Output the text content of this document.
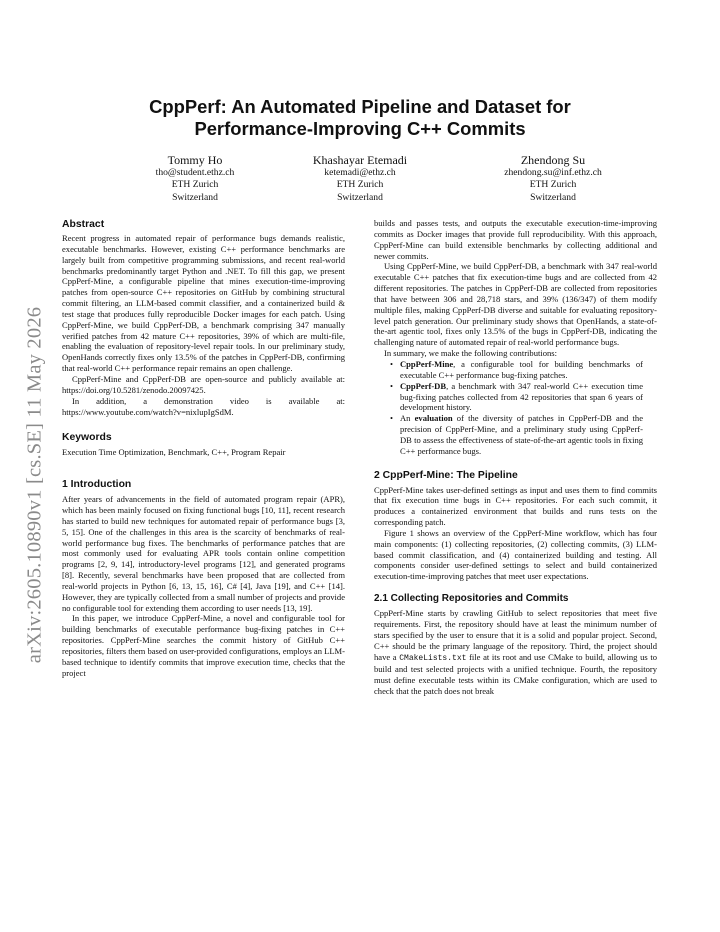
arXiv:2605.10890v1 [cs.SE] 11 May 2026
CppPerf: An Automated Pipeline and Dataset for
Performance-Improving C++ Commits
Tommy Ho
tho@student.ethz.ch
ETH Zurich
Switzerland
Khashayar Etemadi
ketemadi@ethz.ch
ETH Zurich
Switzerland
Zhendong Su
zhendong.su@inf.ethz.ch
ETH Zurich
Switzerland
Abstract

Recent progress in automated repair of performance bugs demands realistic, executable benchmarks. However, existing C++ performance benchmarks are largely built from competitive programming submissions, and recent real-world benchmarks predominantly target Python and .NET. To fill this gap, we present CppPerf-Mine, a configurable pipeline that mines execution-time-improving patches from open-source C++ repositories on GitHub by combining structural commit filtering, an LLM-based commit classifier, and a containerized build & test stage that produces fully reproducible Docker images for each patch. Using CppPerf-Mine, we build CppPerf-DB, a benchmark comprising 347 manually verified patches from 42 mature C++ repositories, 39% of which are multi-file, enabling the evaluation of repository-level repair tools. In our preliminary study, OpenHands correctly fixes only 13.5% of the patches in CppPerf-DB, confirming that real-world C++ performance repair remains an open challenge.

CppPerf-Mine and CppPerf-DB are open-source and publicly available at: https://doi.org/10.5281/zenodo.20097425.

In addition, a demonstration video is available at: https://www.youtube.com/watch?v=nixlupIgSdM.

Keywords

Execution Time Optimization, Benchmark, C++, Program Repair

1 Introduction

After years of advancements in the field of automated program repair (APR), which has been mainly focused on fixing functional bugs [10, 11], recent research has started to build new techniques for automated repair of performance bugs [3, 5, 15]. One of the challenges in this area is the scarcity of benchmarks of real-world performance bug fixes. The benchmarks of performance patches that are most commonly used for evaluating APR tools contain online competition programs [2, 9, 14], introductory-level programs [12], and generated programs [8]. Recently, several benchmarks have been proposed that are collected from real-world projects in Python [6, 13, 15, 16], C# [4], Java [19], and C++ [14]. However, they are typically collected from a small number of projects and provide no configurable tool for extending them according to user needs [13, 19].

In this paper, we introduce CppPerf-Mine, a novel and configurable tool for building benchmarks of executable performance bug-fixing patches in C++ repositories. CppPerf-Mine searches the commit history of GitHub C++ repositories, filters them based on user-provided configurations, employs an LLM-based technique to identify commits that improve execution time, checks that the project

builds and passes tests, and outputs the executable execution-time-improving commits as Docker images that provide full reproducibility. With this approach, CppPerf-Mine can build extensible benchmarks by collecting additional and newer commits.

Using CppPerf-Mine, we build CppPerf-DB, a benchmark with 347 real-world executable C++ patches that fix execution-time bugs and are collected from 42 different repositories. The patches in CppPerf-DB are collected from repositories that have between 306 and 28,718 stars, and 39% (136/347) of them modify multiple files, making CppPerf-DB diverse and suitable for evaluating repository-level patch generation. Our preliminary study shows that OpenHands, a state-of-the-art agentic tool, fixes only 13.5% of the bugs in CppPerf-DB, indicating the challenging nature of automated repair of real-world performance bugs.

In summary, we make the following contributions:

• CppPerf-Mine, a configurable tool for building benchmarks of executable C++ performance bug-fixing patches.
• CppPerf-DB, a benchmark with 347 real-world C++ execution time bug-fixing patches collected from 42 repositories that span 6 years of development history.
• An evaluation of the diversity of patches in CppPerf-DB and the precision of CppPerf-Mine, and a preliminary study using CppPerf-DB to assess the effectiveness of state-of-the-art agentic tools in fixing C++ performance bugs.
2 CppPerf-Mine: The Pipeline

CppPerf-Mine takes user-defined settings as input and uses them to find commits that fix execution time bugs in C++ repositories. For each such commit, it produces a containerized environment that builds and runs tests on the corresponding patch.

Figure 1 shows an overview of the CppPerf-Mine workflow, which has four main components: (1) collecting repositories, (2) collecting commits, (3) LLM-based commit classification, and (4) containerized building and testing. All components consider user-defined settings to select and build containerized execution-time-improving patches that meet user expectations.

2.1 Collecting Repositories and Commits

CppPerf-Mine starts by crawling GitHub to select repositories that meet five requirements. First, the repository should have at least the minimum number of stars specified by the user to ensure that it is a solid and popular project. Second, C++ should be the primary language of the repository. Third, the project should have a CMakeLists.txt file at its root and use CMake to build, allowing us to build and test selected projects with a unified technique. Fourth, the repository must define executable tests within its CMake configuration, which are used to check that the patch does not break
